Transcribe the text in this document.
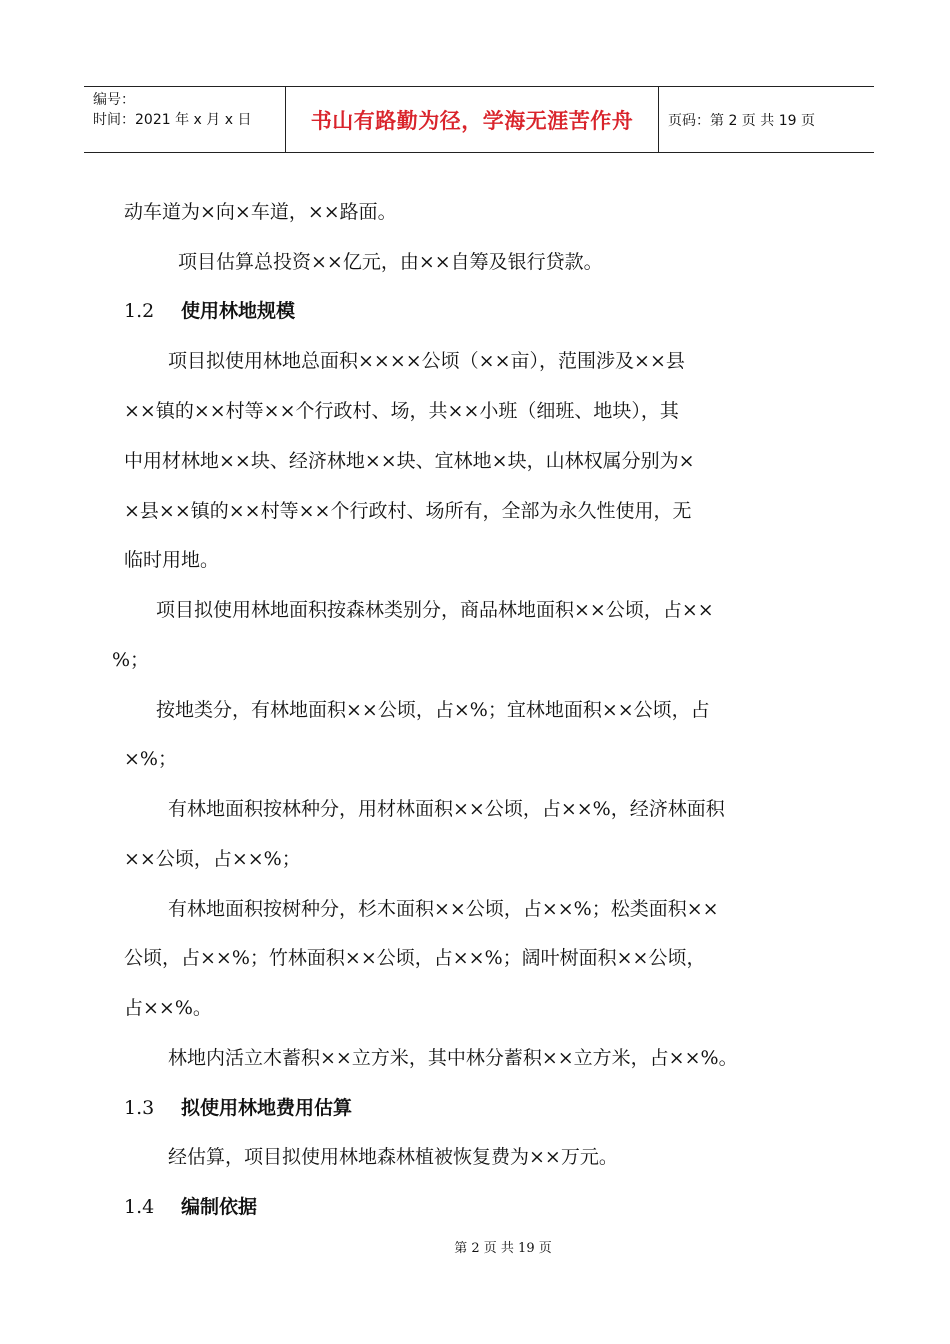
编号：
时间：2021 年 x 月 x 日	书山有路勤为径，学海无涯苦作舟 页码：第 2 页 共 19 页
动车道为×向×车道，××路面。
项目估算总投资××亿元，由××自筹及银行贷款。
1.2 使用林地规模
项目拟使用林地总面积××××公顷（××亩），范围涉及××县
××镇的××村等××个行政村、场，共××小班（细班、地块），其
中用材林地××块、经济林地××块、宜林地×块，山林权属分别为×
×县××镇的××村等××个行政村、场所有，全部为永久性使用，无
临时用地。
项目拟使用林地面积按森林类别分，商品林地面积××公顷，占××
%；
按地类分，有林地面积××公顷，占×%；宜林地面积××公顷，占
×%；
有林地面积按林种分，用材林面积××公顷，占××%，经济林面积
××公顷，占××%；
有林地面积按树种分，杉木面积××公顷，占××%；松类面积××
公顷，占××%；竹林面积××公顷，占××%；阔叶树面积××公顷，
占××%。
林地内活立木蓄积××立方米，其中林分蓄积××立方米，占××%。
1.3 拟使用林地费用估算
经估算，项目拟使用林地森林植被恢复费为××万元。
1.4 编制依据
第 2 页 共 19 页
